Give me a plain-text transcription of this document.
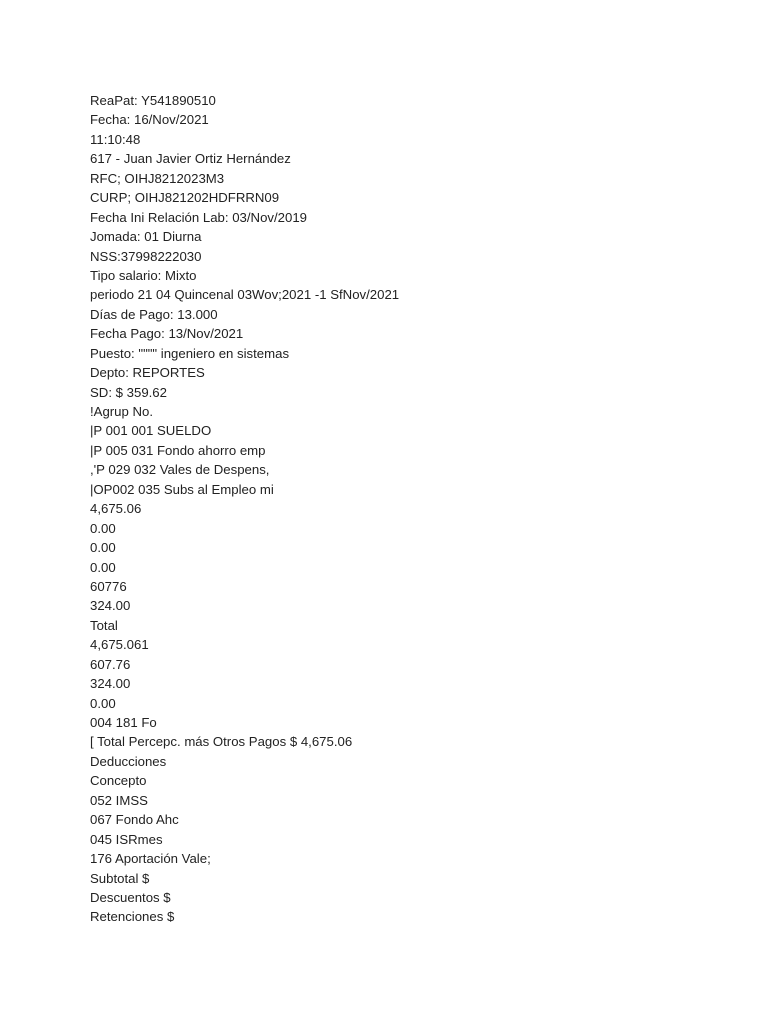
ReaPat: Y541890510
Fecha: 16/Nov/2021
11:10:48
617 - Juan Javier Ortiz Hernández
RFC; OIHJ8212023M3
CURP; OIHJ821202HDFRRN09
Fecha Ini Relación Lab: 03/Nov/2019
Jomada: 01 Diurna
NSS:37998222030
Tipo salario: Mixto
periodo 21 04 Quincenal 03Wov;2021 -1 SfNov/2021
Días de Pago: 13.000
Fecha Pago: 13/Nov/2021
Puesto: """" ingeniero en sistemas
Depto: REPORTES
SD: $ 359.62
!Agrup No.
|P 001 001 SUELDO
|P 005 031 Fondo ahorro emp
,'P 029 032 Vales de Despens,
|OP002 035 Subs al Empleo mi
4,675.06
0.00
0.00
0.00
60776
324.00
Total
4,675.061
607.76
324.00
0.00
004 181 Fo
[ Total Percepc. más Otros Pagos $ 4,675.06
Deducciones
Concepto
052 IMSS
067 Fondo Ahc
045 ISRmes
176 Aportación Vale;
Subtotal $
Descuentos $
Retenciones $
